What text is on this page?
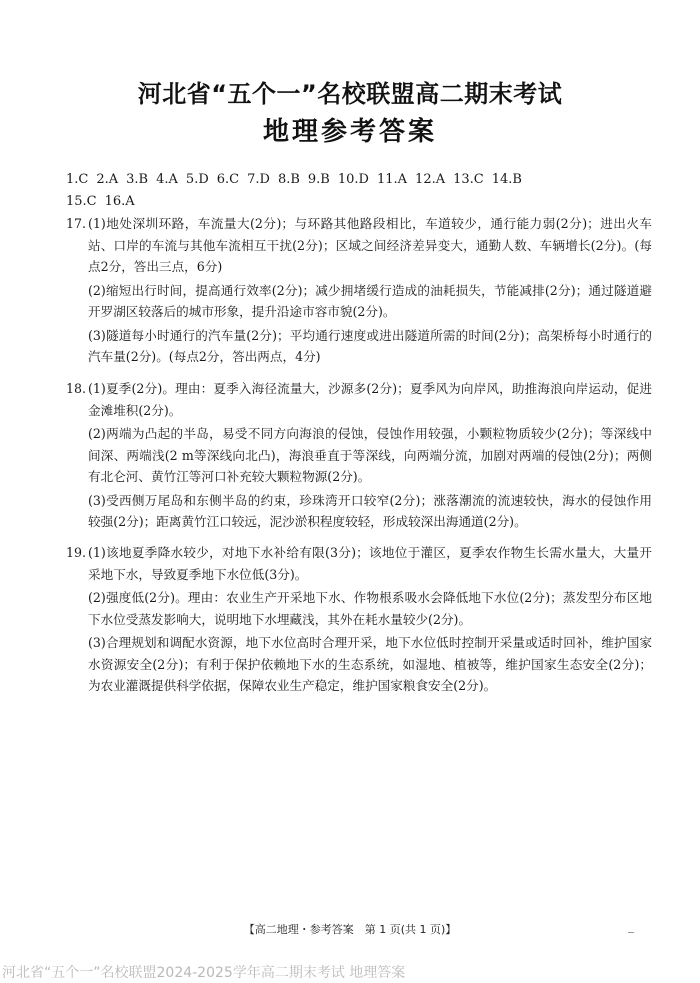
河北省“五个一”名校联盟高二期末考试
地理参考答案
1.C 2.A 3.B 4.A 5.D 6.C 7.D 8.B 9.B 10.D 11.A 12.A 13.C 14.B
15.C 16.A
17. (1)地处深圳环路，车流量大(2分)；与环路其他路段相比，车道较少，通行能力弱(2分)；进出火车站、口岸的车流与其他车流相互干扰(2分)；区域之间经济差异变大，通勤人数、车辆增长(2分)。(每点2分，答出三点，6分)

(2)缩短出行时间，提高通行效率(2分)；减少拥堵缓行造成的油耗损失，节能减排(2分)；通过隧道避开罗湖区较落后的城市形象，提升沿途市容市貌(2分)。

(3)隧道每小时通行的汽车量(2分)；平均通行速度或进出隧道所需的时间(2分)；高架桥每小时通行的汽车量(2分)。(每点2分，答出两点，4分)

18. (1)夏季(2分)。理由：夏季入海径流量大，沙源多(2分)；夏季风为向岸风，助推海浪向岸运动，促进金滩堆积(2分)。

(2)两端为凸起的半岛，易受不同方向海浪的侵蚀，侵蚀作用较强，小颗粒物质较少(2分)；等深线中间深、两端浅(2 m等深线向北凸)，海浪垂直于等深线，向两端分流，加剧对两端的侵蚀(2分)；两侧有北仑河、黄竹江等河口补充较大颗粒物源(2分)。

(3)受西侧万尾岛和东侧半岛的约束，珍珠湾开口较窄(2分)；涨落潮流的流速较快，海水的侵蚀作用较强(2分)；距离黄竹江口较远，泥沙淤积程度较轻，形成较深出海通道(2分)。

19. (1)该地夏季降水较少，对地下水补给有限(3分)；该地位于灌区，夏季农作物生长需水量大，大量开采地下水，导致夏季地下水位低(3分)。

(2)强度低(2分)。理由：农业生产开采地下水、作物根系吸水会降低地下水位(2分)；蒸发型分布区地下水位受蒸发影响大，说明地下水埋藏浅，其外在耗水量较少(2分)。

(3)合理规划和调配水资源，地下水位高时合理开采，地下水位低时控制开采量或适时回补，维护国家水资源安全(2分)；有利于保护依赖地下水的生态系统，如湿地、植被等，维护国家生态安全(2分)；为农业灌溉提供科学依据，保障农业生产稳定，维护国家粮食安全(2分)。

【高二地理・参考答案　第 1 页(共 1 页)】
河北省“五个一”名校联盟2024-2025学年高二期末考试 地理答案
